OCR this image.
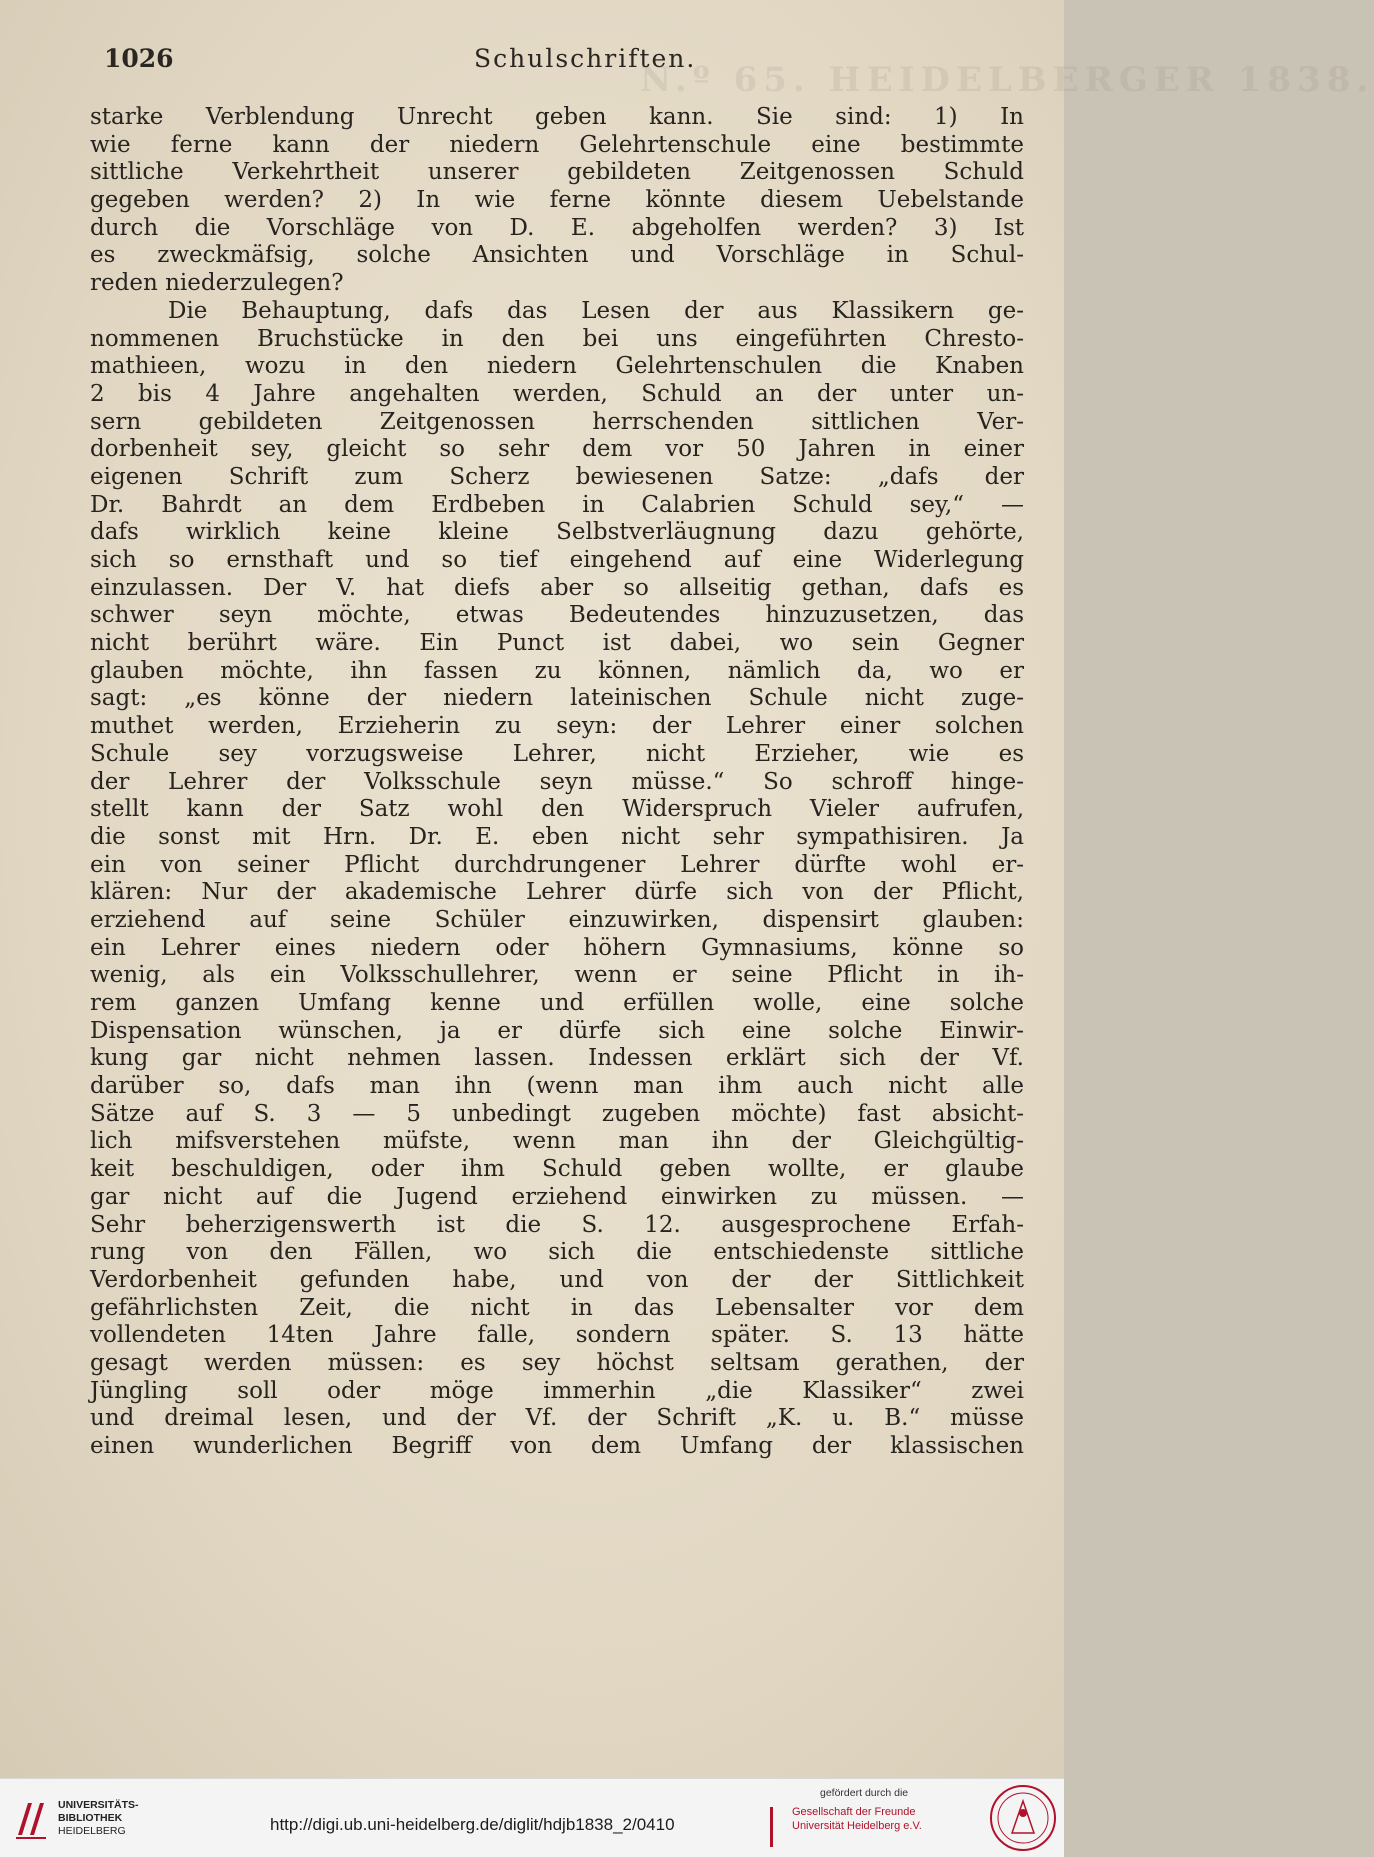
N.º 65. HEIDELBERGER 1838.
1026	Schulschriften.
starke Verblendung Unrecht geben kann. Sie sind: 1) In
wie ferne kann der niedern Gelehrtenschule eine bestimmte
sittliche Verkehrtheit unserer gebildeten Zeitgenossen Schuld
gegeben werden? 2) In wie ferne könnte diesem Uebelstande
durch die Vorschläge von D. E. abgeholfen werden? 3) Ist
es zweckmäfsig, solche Ansichten und Vorschläge in Schul-
reden niederzulegen?
Die Behauptung, dafs das Lesen der aus Klassikern ge-
nommenen Bruchstücke in den bei uns eingeführten Chresto-
mathieen, wozu in den niedern Gelehrtenschulen die Knaben
2 bis 4 Jahre angehalten werden, Schuld an der unter un-
sern gebildeten Zeitgenossen herrschenden sittlichen Ver-
dorbenheit sey, gleicht so sehr dem vor 50 Jahren in einer
eigenen Schrift zum Scherz bewiesenen Satze: „dafs der
Dr. Bahrdt an dem Erdbeben in Calabrien Schuld sey,“ —
dafs wirklich keine kleine Selbstverläugnung dazu gehörte,
sich so ernsthaft und so tief eingehend auf eine Widerlegung
einzulassen. Der V. hat diefs aber so allseitig gethan, dafs es
schwer seyn möchte, etwas Bedeutendes hinzuzusetzen, das
nicht berührt wäre. Ein Punct ist dabei, wo sein Gegner
glauben möchte, ihn fassen zu können, nämlich da, wo er
sagt: „es könne der niedern lateinischen Schule nicht zuge-
muthet werden, Erzieherin zu seyn: der Lehrer einer solchen
Schule sey vorzugsweise Lehrer, nicht Erzieher, wie es
der Lehrer der Volksschule seyn müsse.“ So schroff hinge-
stellt kann der Satz wohl den Widerspruch Vieler aufrufen,
die sonst mit Hrn. Dr. E. eben nicht sehr sympathisiren. Ja
ein von seiner Pflicht durchdrungener Lehrer dürfte wohl er-
klären: Nur der akademische Lehrer dürfe sich von der Pflicht,
erziehend auf seine Schüler einzuwirken, dispensirt glauben:
ein Lehrer eines niedern oder höhern Gymnasiums, könne so
wenig, als ein Volksschullehrer, wenn er seine Pflicht in ih-
rem ganzen Umfang kenne und erfüllen wolle, eine solche
Dispensation wünschen, ja er dürfe sich eine solche Einwir-
kung gar nicht nehmen lassen. Indessen erklärt sich der Vf.
darüber so, dafs man ihn (wenn man ihm auch nicht alle
Sätze auf S. 3 — 5 unbedingt zugeben möchte) fast absicht-
lich mifsverstehen müfste, wenn man ihn der Gleichgültig-
keit beschuldigen, oder ihm Schuld geben wollte, er glaube
gar nicht auf die Jugend erziehend einwirken zu müssen. —
Sehr beherzigenswerth ist die S. 12. ausgesprochene Erfah-
rung von den Fällen, wo sich die entschiedenste sittliche
Verdorbenheit gefunden habe, und von der der Sittlichkeit
gefährlichsten Zeit, die nicht in das Lebensalter vor dem
vollendeten 14ten Jahre falle, sondern später. S. 13 hätte
gesagt werden müssen: es sey höchst seltsam gerathen, der
Jüngling soll oder möge immerhin „die Klassiker“ zwei
und dreimal lesen, und der Vf. der Schrift „K. u. B.“ müsse
einen wunderlichen Begriff von dem Umfang der klassischen
UNIVERSITÄTS-
BIBLIOTHEK
HEIDELBERG	http://digi.ub.uni-heidelberg.de/diglit/hdjb1838_2/0410
gefördert durch die
Gesellschaft der Freunde
Universität Heidelberg e.V.
